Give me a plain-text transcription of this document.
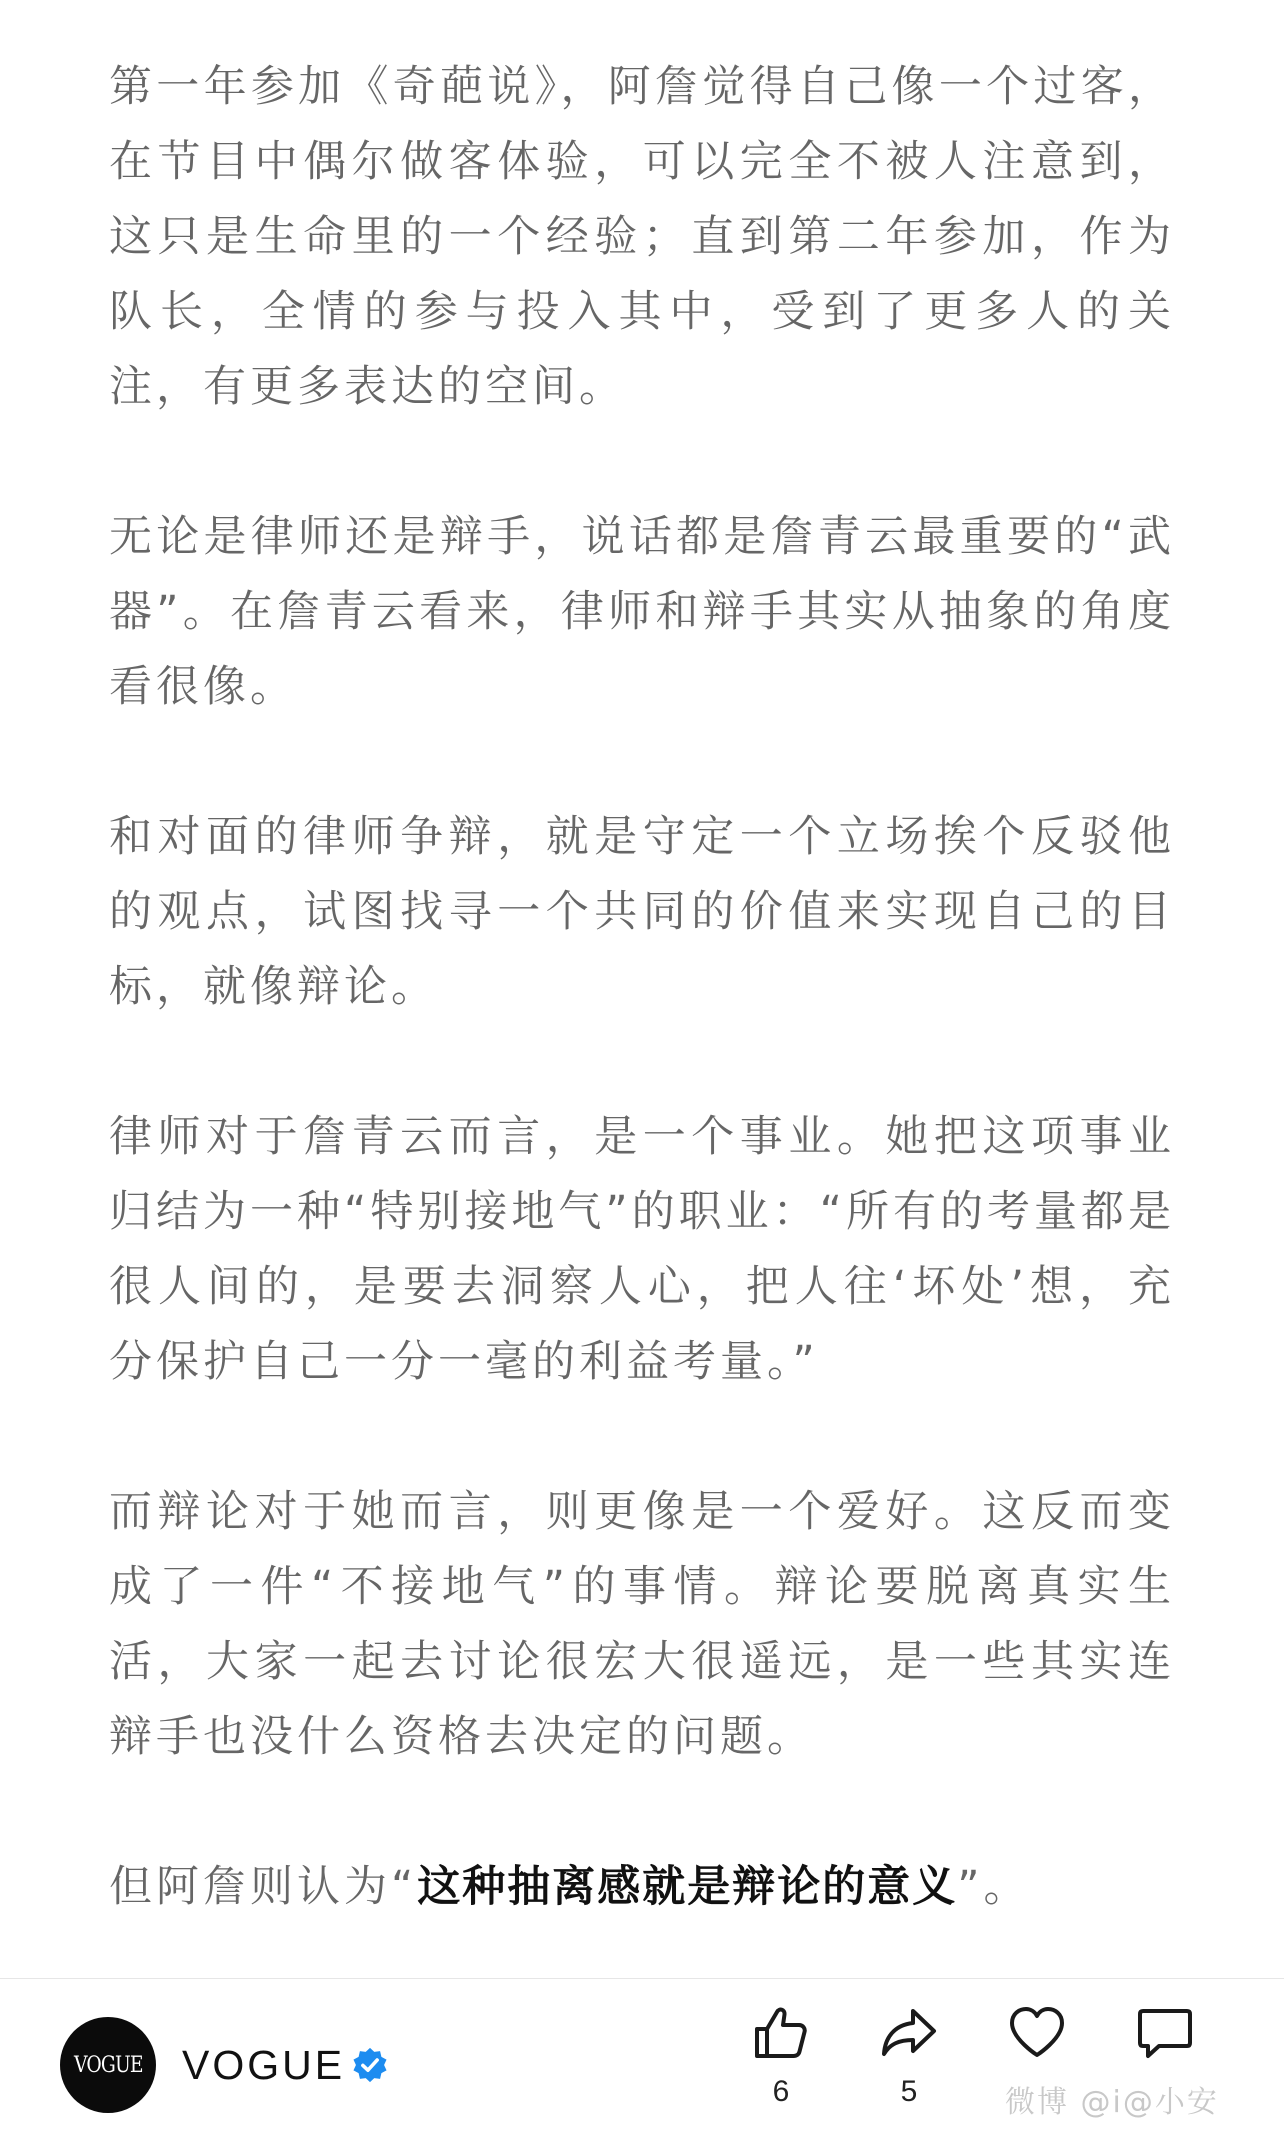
第一年参加《奇葩说》，阿詹觉得自己像一个过客，在节目中偶尔做客体验，可以完全不被人注意到，这只是生命里的一个经验；直到第二年参加，作为队长，全情的参与投入其中，受到了更多人的关注，有更多表达的空间。

无论是律师还是辩手，说话都是詹青云最重要的“武器”。在詹青云看来，律师和辩手其实从抽象的角度看很像。

和对面的律师争辩，就是守定一个立场挨个反驳他的观点，试图找寻一个共同的价值来实现自己的目标，就像辩论。

律师对于詹青云而言，是一个事业。她把这项事业归结为一种“特别接地气”的职业：“所有的考量都是很人间的，是要去洞察人心，把人往‘坏处’想，充分保护自己一分一毫的利益考量。”

而辩论对于她而言，则更像是一个爱好。这反而变成了一件“不接地气”的事情。辩论要脱离真实生活，大家一起去讨论很宏大很遥远，是一些其实连辩手也没什么资格去决定的问题。

但阿詹则认为“这种抽离感就是辩论的意义”。

VOGUE VOGUE
6	5	微博 @i@小安
